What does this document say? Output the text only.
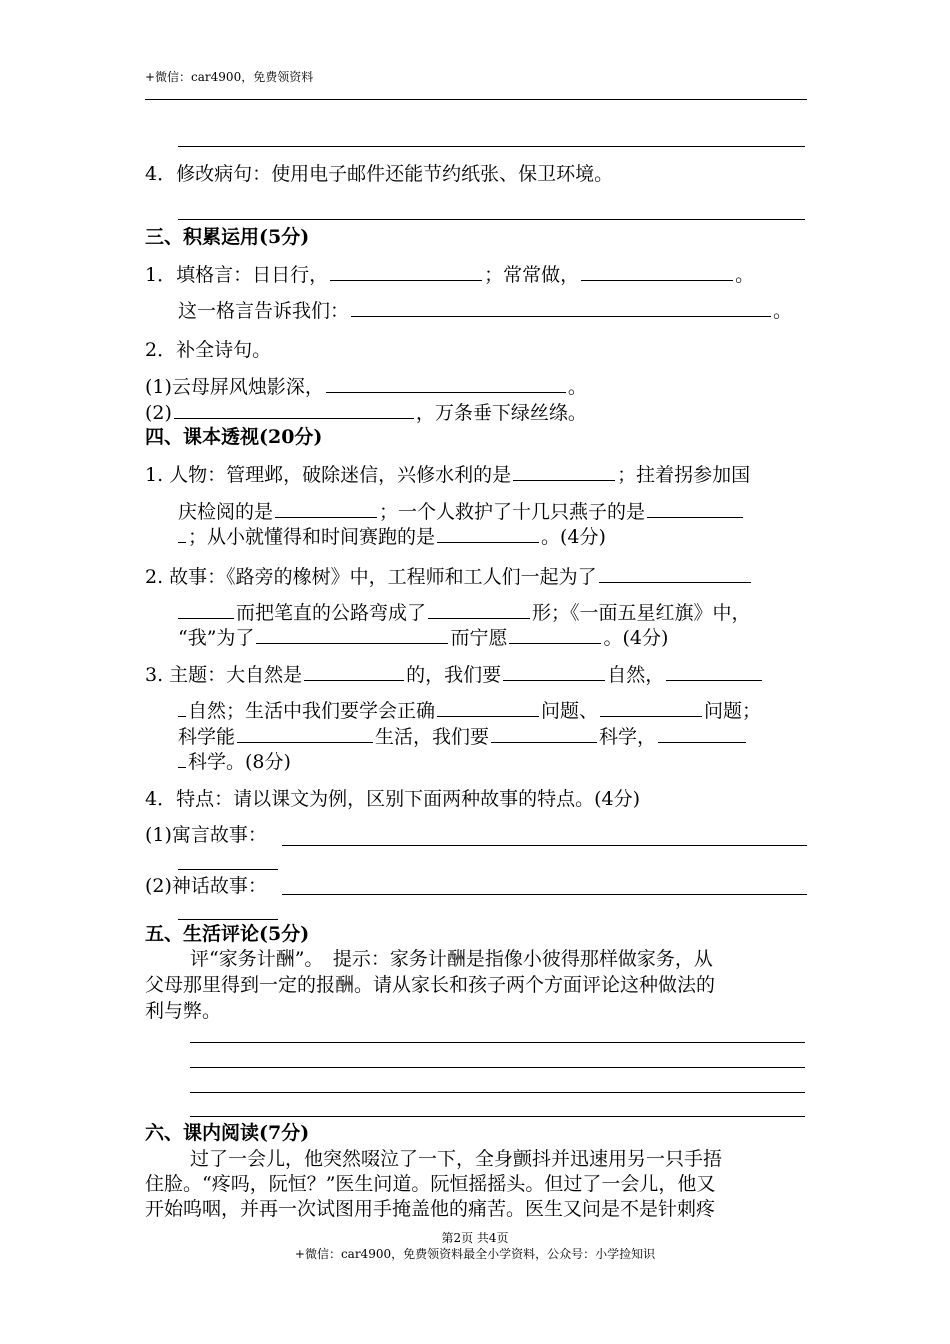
+微信：car4900，免费领资料
4．修改病句：使用电子邮件还能节约纸张、保卫环境。
三、积累运用(5分)
1．填格言：日日行，	；常常做，	。
这一格言告诉我们：	。
2．补全诗句。
(1)云母屏风烛影深，	。
(2)	，万条垂下绿丝绦。
四、课本透视(20分)
1. 人物：管理邺，破除迷信，兴修水利的是	；拄着拐参加国
庆检阅的是	；一个人救护了十几只燕子的是
；从小就懂得和时间赛跑的是	。(4分)
2. 故事：《路旁的橡树》中，工程师和工人们一起为了
而把笔直的公路弯成了	形；《一面五星红旗》中，
“我”为了	而宁愿	。(4分)
3. 主题：大自然是	的，我们要	自然，
自然；生活中我们要学会正确	问题、	问题；
科学能	生活，我们要	科学，
科学。(8分)
4．特点：请以课文为例，区别下面两种故事的特点。(4分)
(1)寓言故事：
(2)神话故事：
五、生活评论(5分)
评“家务计酬”。　提示：家务计酬是指像小彼得那样做家务，从
父母那里得到一定的报酬。请从家长和孩子两个方面评论这种做法的
利与弊。
六、课内阅读(7分)
过了一会儿，他突然啜泣了一下，全身颤抖并迅速用另一只手捂
住脸。“疼吗，阮恒？”医生问道。阮恒摇摇头。但过了一会儿，他又
开始呜咽，并再一次试图用手掩盖他的痛苦。医生又问是不是针刺疼
第2页 共4页
+微信：car4900，免费领资料最全小学资料，公众号：小学捡知识
